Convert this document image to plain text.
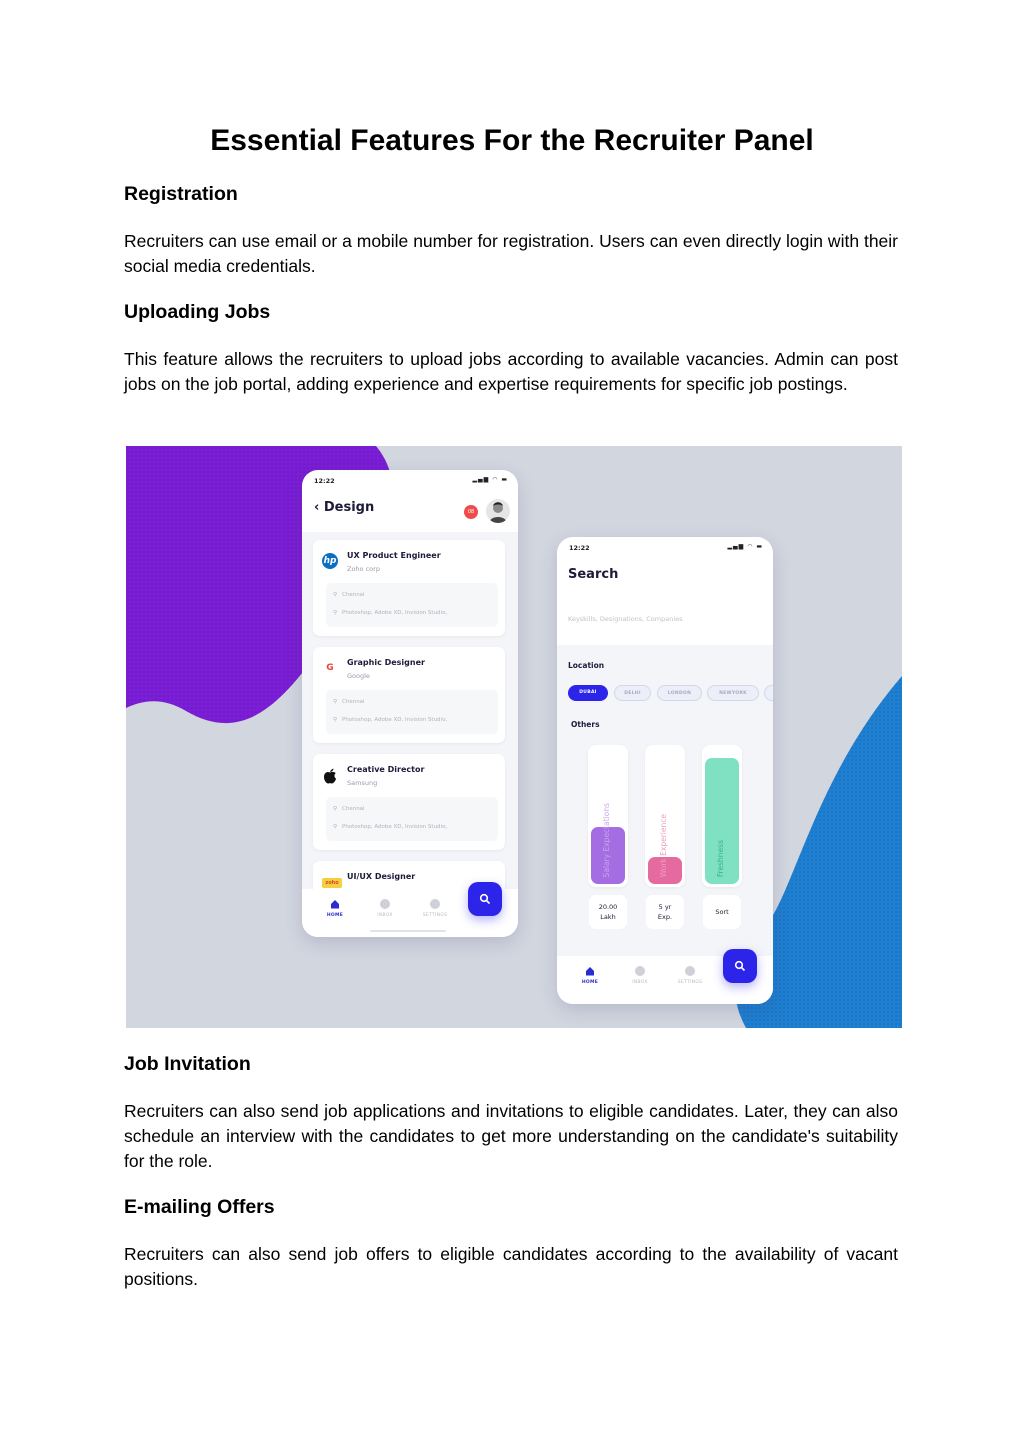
Essential Features For the Recruiter Panel
Registration

Recruiters can use email or a mobile number for registration. Users can even directly login with their social media credentials.

Uploading Jobs

This feature allows the recruiters to upload jobs according to available vacancies. Admin can post jobs on the job portal, adding experience and expertise requirements for specific job postings.

12:22	▂▄▆ ◠ ▬
‹ Design	08
hp
UX Product Engineer
Zoho corp
⚲ Chennai
⚲ Photoshop, Adobe XD, Invision Studio,
G
Graphic Designer
Google
⚲ Chennai
⚲ Photoshop, Adobe XD, Invision Studio,
Creative Director
Samsung
⚲ Chennai
⚲ Photoshop, Adobe XD, Invision Studio,
zoho
UI/UX Designer
HOME	INBOX	SETTINGS
12:22	▂▄▆ ◠ ▬
Search
Keyskills, Designations, Companies
Location
DUBAI	DELHI	LONDON	NEWYORK
Others
Salary Expectations	Work Experience	Freshness
20.00
Lakh
5 yr
Exp.
Sort
HOME	INBOX	SETTINGS
Job Invitation

Recruiters can also send job applications and invitations to eligible candidates. Later, they can also schedule an interview with the candidates to get more understanding on the candidate's suitability for the role.

E-mailing Offers

Recruiters can also send job offers to eligible candidates according to the availability of vacant positions.
